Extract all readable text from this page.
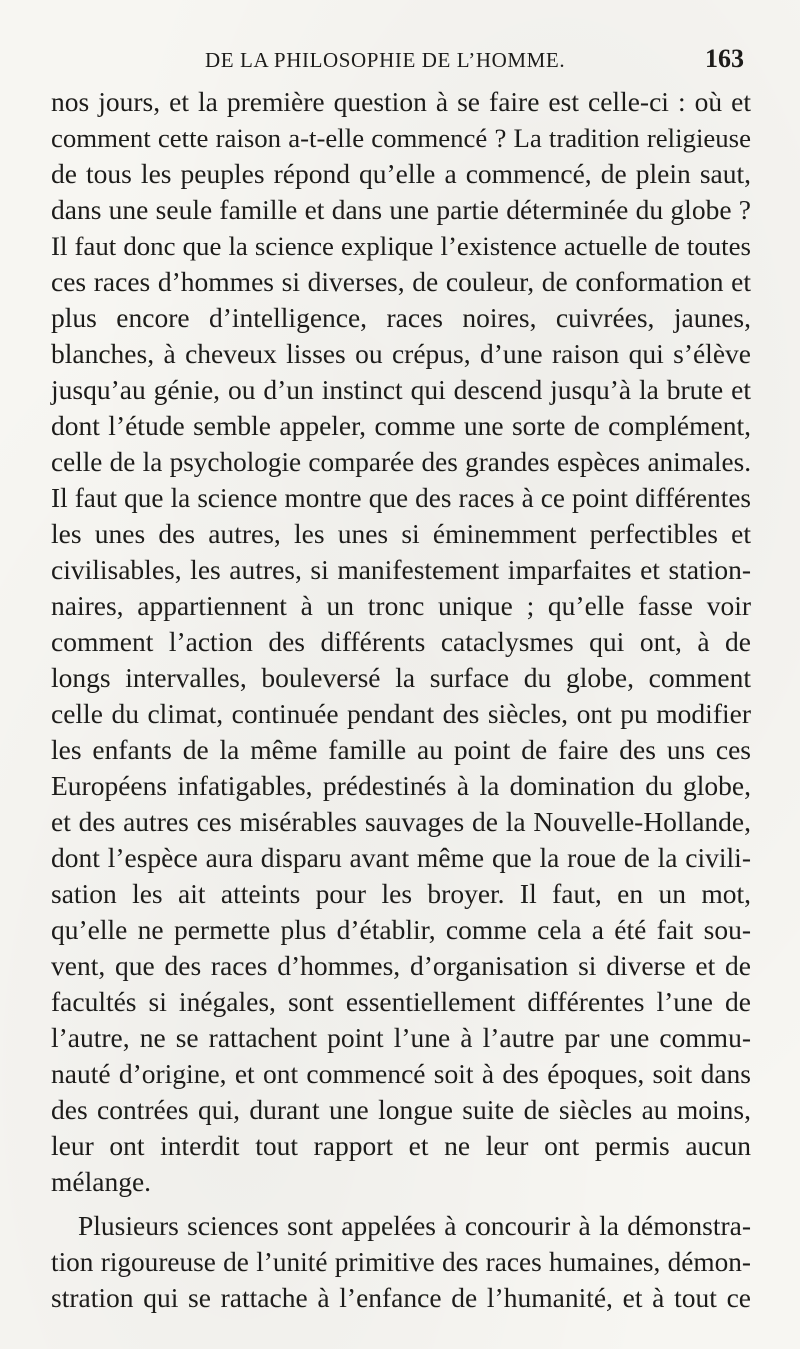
DE LA PHILOSOPHIE DE L’HOMME.	163
nos jours, et la première question à se faire est celle-ci : où et
comment cette raison a-t-elle commencé ? La tradition religieuse
de tous les peuples répond qu’elle a commencé, de plein saut,
dans une seule famille et dans une partie déterminée du globe ?
Il faut donc que la science explique l’existence actuelle de toutes
ces races d’hommes si diverses, de couleur, de conformation et
plus encore d’intelligence, races noires, cuivrées, jaunes,
blanches, à cheveux lisses ou crépus, d’une raison qui s’élève
jusqu’au génie, ou d’un instinct qui descend jusqu’à la brute et
dont l’étude semble appeler, comme une sorte de complément,
celle de la psychologie comparée des grandes espèces animales.
Il faut que la science montre que des races à ce point différentes
les unes des autres, les unes si éminemment perfectibles et
civilisables, les autres, si manifestement imparfaites et station-
naires, appartiennent à un tronc unique ; qu’elle fasse voir
comment l’action des différents cataclysmes qui ont, à de
longs intervalles, bouleversé la surface du globe, comment
celle du climat, continuée pendant des siècles, ont pu modifier
les enfants de la même famille au point de faire des uns ces
Européens infatigables, prédestinés à la domination du globe,
et des autres ces misérables sauvages de la Nouvelle-Hollande,
dont l’espèce aura disparu avant même que la roue de la civili-
sation les ait atteints pour les broyer. Il faut, en un mot,
qu’elle ne permette plus d’établir, comme cela a été fait sou-
vent, que des races d’hommes, d’organisation si diverse et de
facultés si inégales, sont essentiellement différentes l’une de
l’autre, ne se rattachent point l’une à l’autre par une commu-
nauté d’origine, et ont commencé soit à des époques, soit dans
des contrées qui, durant une longue suite de siècles au moins,
leur ont interdit tout rapport et ne leur ont permis aucun
mélange.
Plusieurs sciences sont appelées à concourir à la démonstra-
tion rigoureuse de l’unité primitive des races humaines, démon-
stration qui se rattache à l’enfance de l’humanité, et à tout ce
